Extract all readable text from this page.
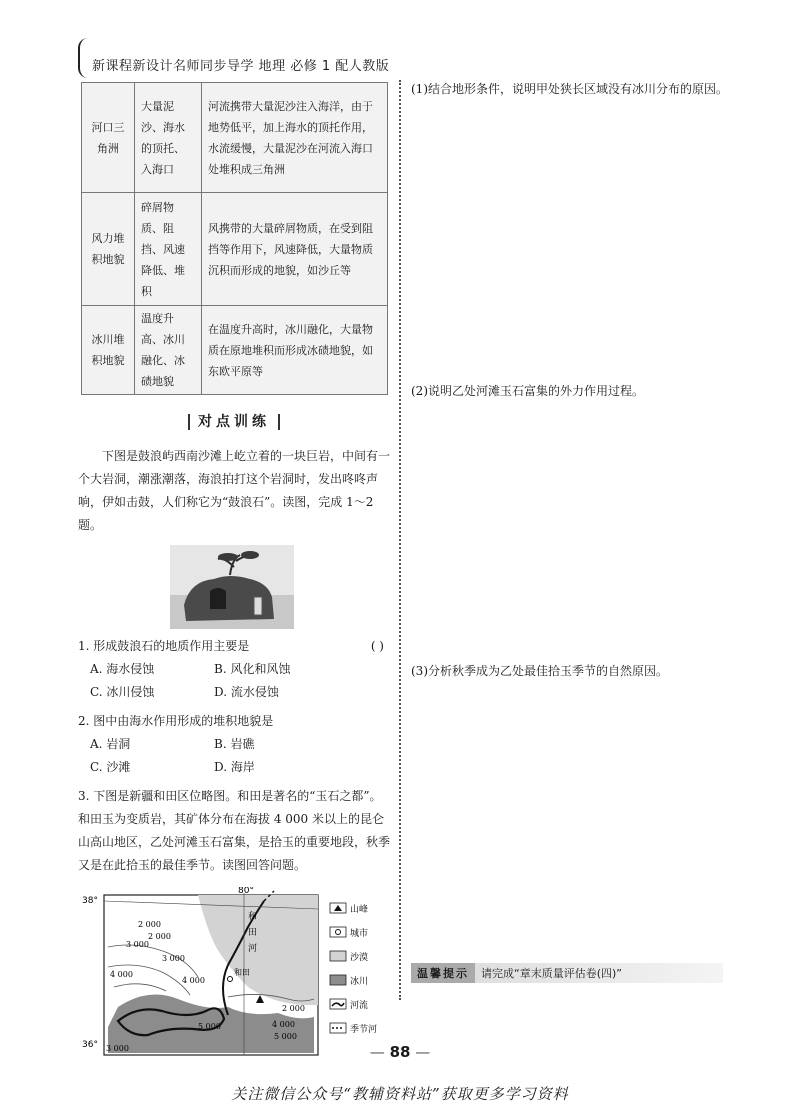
新课程新设计名师同步导学 地理 必修 1 配人教版
河口三角洲	大量泥沙、海水的顶托、入海口	河流携带大量泥沙注入海洋，由于地势低平，加上海水的顶托作用，水流缓慢，大量泥沙在河流入海口处堆积成三角洲
风力堆积地貌	碎屑物质、阻挡、风速降低、堆积	风携带的大量碎屑物质，在受到阻挡等作用下，风速降低，大量物质沉积而形成的地貌，如沙丘等
冰川堆积地貌	温度升高、冰川融化、冰碛地貌	在温度升高时，冰川融化，大量物质在原地堆积而形成冰碛地貌，如东欧平原等
对点训练
下图是鼓浪屿西南沙滩上屹立着的一块巨岩，中间有一个大岩洞，潮涨潮落，海浪拍打这个岩洞时，发出咚咚声响，伊如击鼓，人们称它为“鼓浪石”。读图，完成 1～2 题。
1. 形成鼓浪石的地质作用主要是	( )
A. 海水侵蚀	B. 风化和风蚀
C. 冰川侵蚀	D. 流水侵蚀
2. 图中由海水作用形成的堆积地貌是
A. 岩洞	B. 岩礁
C. 沙滩	D. 海岸
3. 下图是新疆和田区位略图。和田是著名的“玉石之都”。和田玉为变质岩，其矿体分布在海拔 4 000 米以上的昆仑山高山地区，乙处河滩玉石富集，是拾玉的重要地段，秋季又是在此拾玉的最佳季节。读图回答问题。
38°
36°
80°
和田
和
田
河
2 000
3 000
4 000
2 000
3 000
4 000
5 000
2 000
4 000
5 000
3 000
山峰
城市
沙漠
冰川
河流
季节河
(1)结合地形条件，说明甲处狭长区域没有冰川分布的原因。
(2)说明乙处河滩玉石富集的外力作用过程。
(3)分析秋季成为乙处最佳拾玉季节的自然原因。
温馨提示	请完成“章末质量评估卷(四)”
— 88 —
关注微信公众号“教辅资料站”获取更多学习资料
